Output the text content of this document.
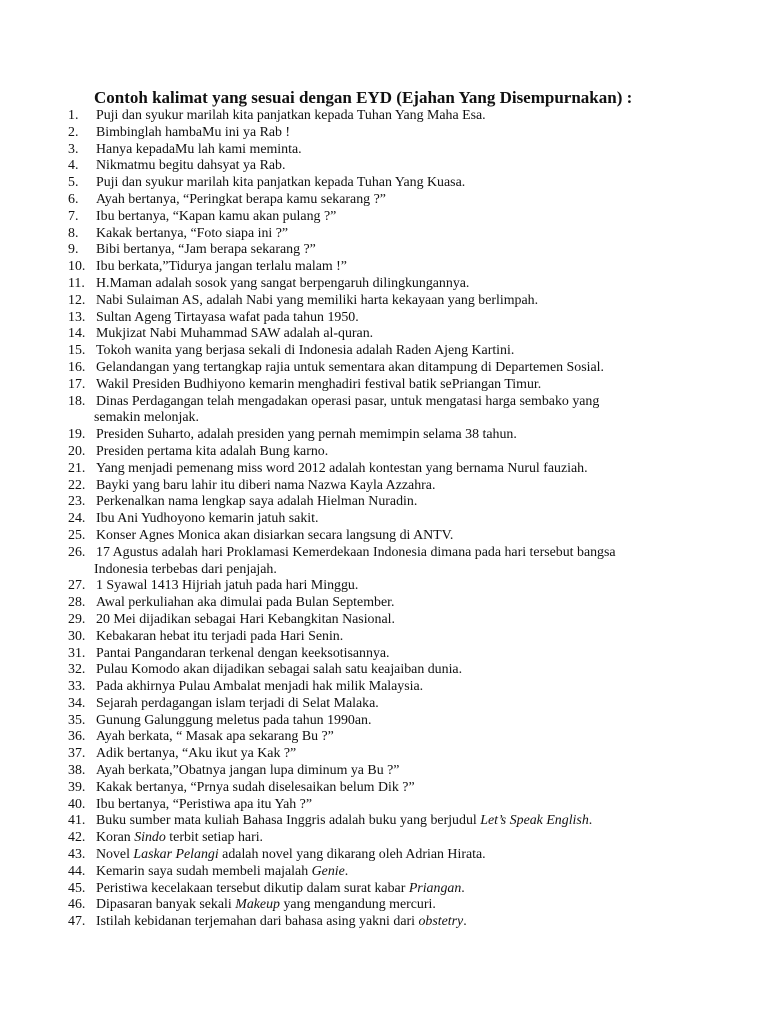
Contoh kalimat yang sesuai dengan EYD (Ejahan Yang Disempurnakan) :
1. Puji dan syukur marilah kita panjatkan kepada Tuhan Yang Maha Esa.
2. Bimbinglah hambaMu ini ya Rab !
3. Hanya kepadaMu lah kami meminta.
4. Nikmatmu begitu dahsyat ya Rab.
5. Puji dan syukur marilah kita panjatkan kepada Tuhan Yang Kuasa.
6. Ayah bertanya, “Peringkat berapa kamu sekarang ?”
7. Ibu bertanya, “Kapan kamu akan pulang ?”
8. Kakak bertanya, “Foto siapa ini ?”
9. Bibi bertanya, “Jam berapa sekarang ?”
10. Ibu berkata,”Tidurya jangan terlalu malam !”
11. H.Maman adalah sosok yang sangat berpengaruh dilingkungannya.
12. Nabi Sulaiman AS, adalah Nabi yang memiliki harta kekayaan yang berlimpah.
13. Sultan Ageng Tirtayasa wafat pada tahun 1950.
14. Mukjizat Nabi Muhammad SAW adalah al-quran.
15. Tokoh wanita yang berjasa sekali di Indonesia adalah Raden Ajeng Kartini.
16. Gelandangan yang tertangkap rajia untuk sementara akan ditampung di Departemen Sosial.
17. Wakil Presiden Budhiyono kemarin menghadiri festival batik sePriangan Timur.
18. Dinas Perdagangan telah mengadakan operasi pasar, untuk mengatasi harga sembako yang
semakin melonjak.
19. Presiden Suharto, adalah presiden yang pernah memimpin selama 38 tahun.
20. Presiden pertama kita adalah Bung karno.
21. Yang menjadi pemenang miss word 2012 adalah kontestan yang bernama Nurul fauziah.
22. Bayki yang baru lahir itu diberi nama Nazwa Kayla Azzahra.
23. Perkenalkan nama lengkap saya adalah Hielman Nuradin.
24. Ibu Ani Yudhoyono kemarin jatuh sakit.
25. Konser Agnes Monica akan disiarkan secara langsung di ANTV.
26. 17 Agustus adalah hari Proklamasi Kemerdekaan Indonesia dimana pada hari tersebut bangsa
Indonesia terbebas dari penjajah.
27. 1 Syawal 1413 Hijriah jatuh pada hari Minggu.
28. Awal perkuliahan aka dimulai pada Bulan September.
29. 20 Mei dijadikan sebagai Hari Kebangkitan Nasional.
30. Kebakaran hebat itu terjadi pada Hari Senin.
31. Pantai Pangandaran terkenal dengan keeksotisannya.
32. Pulau Komodo akan dijadikan sebagai salah satu keajaiban dunia.
33. Pada akhirnya Pulau Ambalat menjadi hak milik Malaysia.
34. Sejarah perdagangan islam terjadi di Selat Malaka.
35. Gunung Galunggung meletus pada tahun 1990an.
36. Ayah berkata, “ Masak apa sekarang Bu ?”
37. Adik bertanya, “Aku ikut ya Kak ?”
38. Ayah berkata,”Obatnya jangan lupa diminum ya Bu ?”
39. Kakak bertanya, “Prnya sudah diselesaikan belum Dik ?”
40. Ibu bertanya, “Peristiwa apa itu Yah ?”
41. Buku sumber mata kuliah Bahasa Inggris adalah buku yang berjudul Let’s Speak English.
42. Koran Sindo terbit setiap hari.
43. Novel Laskar Pelangi adalah novel yang dikarang oleh Adrian Hirata.
44. Kemarin saya sudah membeli majalah Genie.
45. Peristiwa kecelakaan tersebut dikutip dalam surat kabar Priangan.
46. Dipasaran banyak sekali Makeup yang mengandung mercuri.
47. Istilah kebidanan terjemahan dari bahasa asing yakni dari obstetry.
